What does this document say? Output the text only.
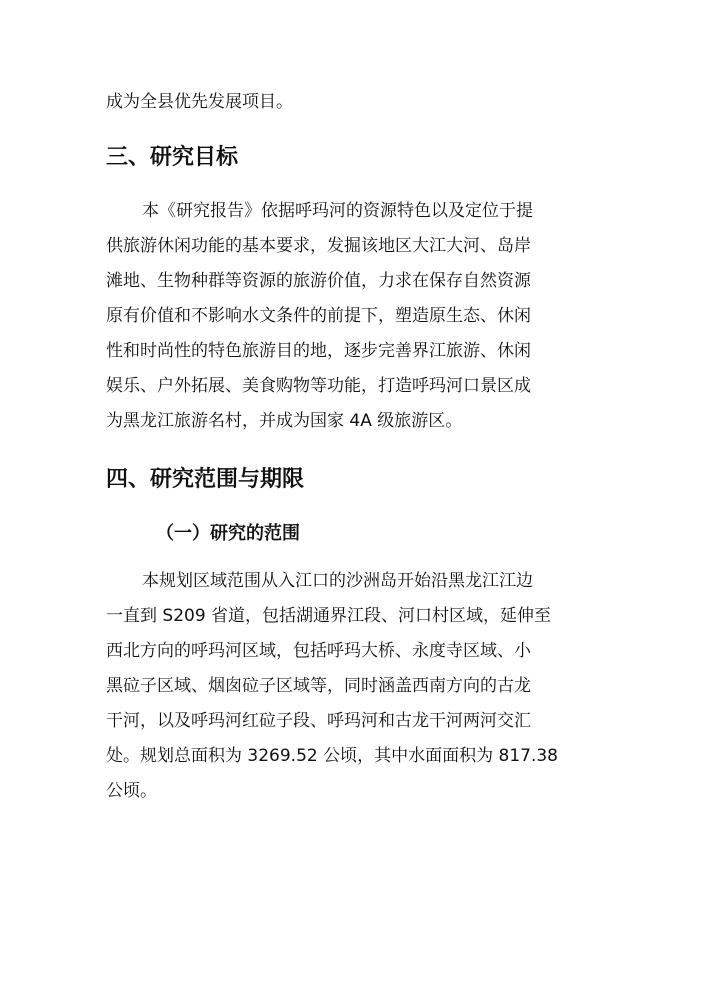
成为全县优先发展项目。

三、研究目标

本《研究报告》依据呼玛河的资源特色以及定位于提

供旅游休闲功能的基本要求，发掘该地区大江大河、岛岸

滩地、生物种群等资源的旅游价值，力求在保存自然资源

原有价值和不影响水文条件的前提下，塑造原生态、休闲

性和时尚性的特色旅游目的地，逐步完善界江旅游、休闲

娱乐、户外拓展、美食购物等功能，打造呼玛河口景区成

为黑龙江旅游名村，并成为国家 4A 级旅游区。

四、研究范围与期限
（一）研究的范围

本规划区域范围从入江口的沙洲岛开始沿黑龙江江边

一直到 S209 省道，包括湖通界江段、河口村区域，延伸至

西北方向的呼玛河区域，包括呼玛大桥、永度寺区域、小

黑砬子区域、烟囱砬子区域等，同时涵盖西南方向的古龙

干河，以及呼玛河红砬子段、呼玛河和古龙干河两河交汇

处。规划总面积为 3269.52 公顷，其中水面面积为 817.38

公顷。
